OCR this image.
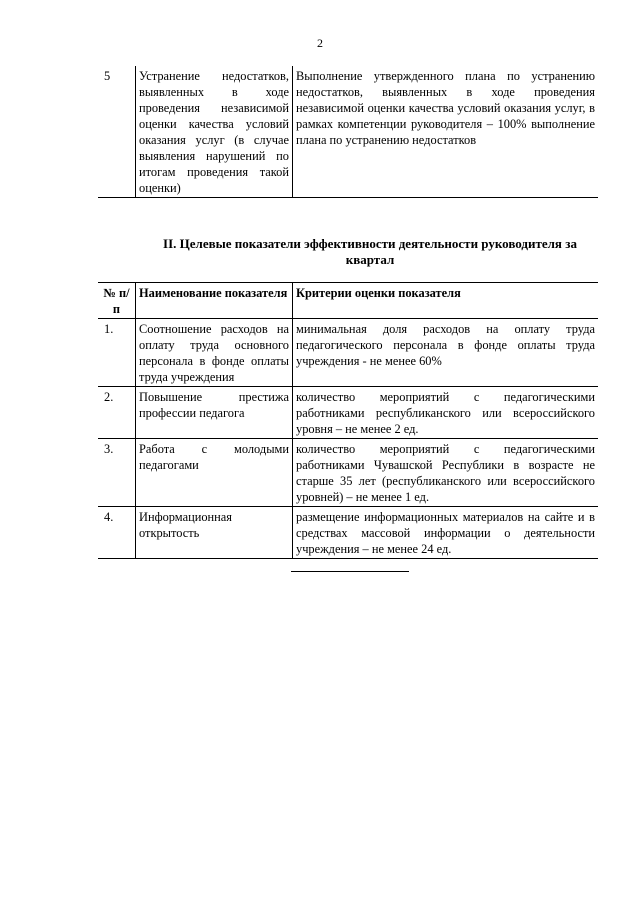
2
5	Устранение недостатков, выявленных в ходе проведения независимой оценки качества условий оказания услуг (в случае выявления нарушений по итогам проведения такой оценки)	Выполнение утвержденного плана по устранению недостатков, выявленных в ходе проведения независимой оценки качества условий оказания услуг, в рамках компетенции руководителя – 100% выполнение плана по устранению недостатков
II. Целевые показатели эффективности деятельности руководителя за квартал
№ п/п	Наименование показателя	Критерии оценки показателя
1.	Соотношение расходов на оплату труда основного персонала в фонде оплаты труда учреждения	минимальная доля расходов на оплату труда педагогического персонала в фонде оплаты труда учреждения - не менее 60%
2.	Повышение престижа профессии педагога	количество мероприятий с педагогическими работниками республиканского или всероссийского уровня – не менее 2 ед.
3.	Работа с молодыми педагогами	количество мероприятий с педагогическими работниками Чувашской Республики в возрасте не старше 35 лет (республиканского или всероссийского уровней) – не менее 1 ед.
4.	Информационная открытость	размещение информационных материалов на сайте и в средствах массовой информации о деятельности учреждения – не менее 24 ед.
